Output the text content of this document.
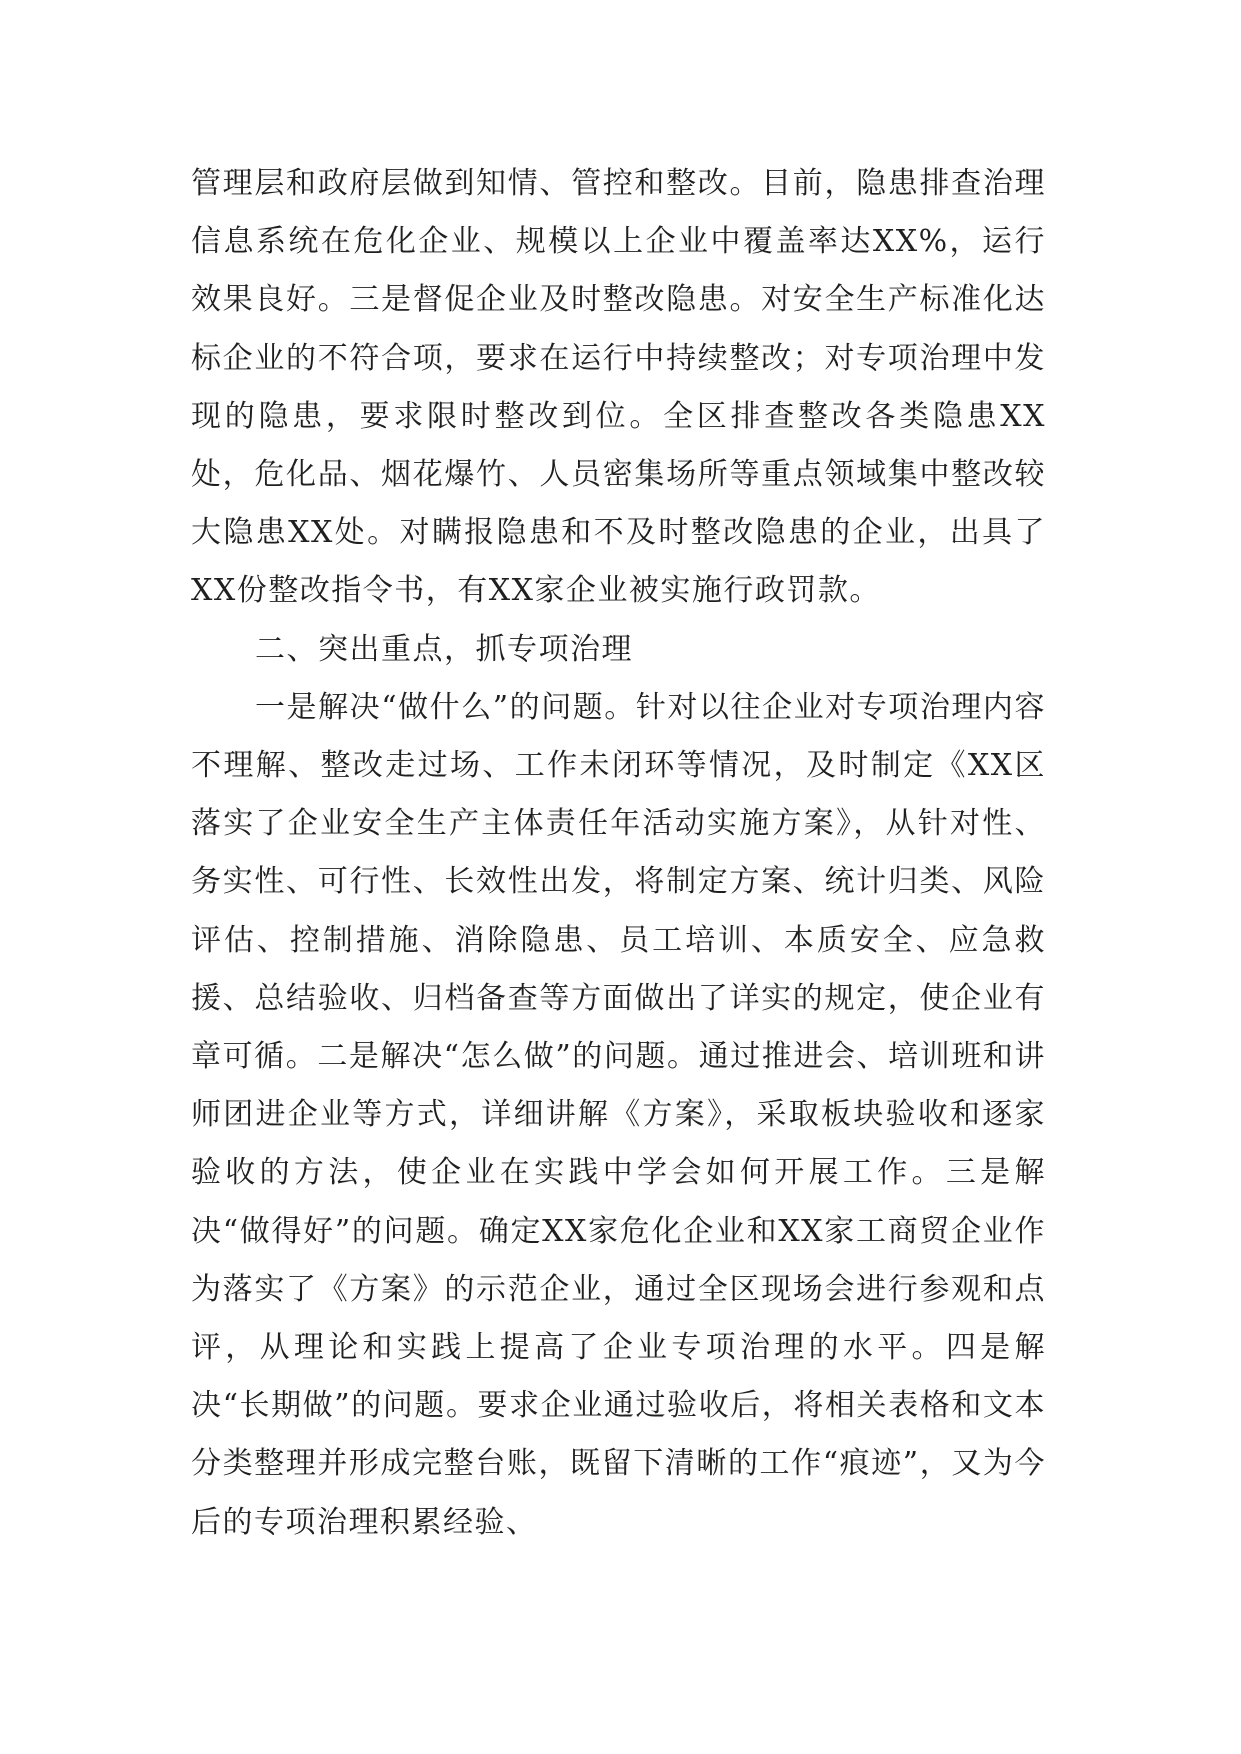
管理层和政府层做到知情、管控和整改。目前，隐患排查治理信息系统在危化企业、规模以上企业中覆盖率达XX%，运行效果良好。三是督促企业及时整改隐患。对安全生产标准化达标企业的不符合项，要求在运行中持续整改；对专项治理中发现的隐患，要求限时整改到位。全区排查整改各类隐患XX处，危化品、烟花爆竹、人员密集场所等重点领域集中整改较大隐患XX处。对瞒报隐患和不及时整改隐患的企业，出具了XX份整改指令书，有XX家企业被实施行政罚款。

二、突出重点，抓专项治理

一是解决“做什么”的问题。针对以往企业对专项治理内容不理解、整改走过场、工作未闭环等情况，及时制定《XX区落实了企业安全生产主体责任年活动实施方案》，从针对性、务实性、可行性、长效性出发，将制定方案、统计归类、风险评估、控制措施、消除隐患、员工培训、本质安全、应急救援、总结验收、归档备查等方面做出了详实的规定，使企业有章可循。二是解决“怎么做”的问题。通过推进会、培训班和讲师团进企业等方式，详细讲解《方案》，采取板块验收和逐家验收的方法，使企业在实践中学会如何开展工作。三是解决“做得好”的问题。确定XX家危化企业和XX家工商贸企业作为落实了《方案》的示范企业，通过全区现场会进行参观和点评，从理论和实践上提高了企业专项治理的水平。四是解决“长期做”的问题。要求企业通过验收后，将相关表格和文本分类整理并形成完整台账，既留下清晰的工作“痕迹”，又为今后的专项治理积累经验、
